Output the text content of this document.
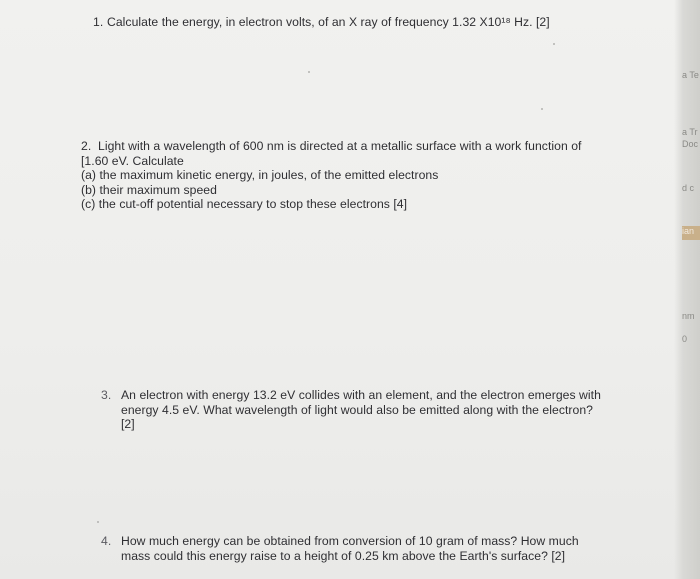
1. Calculate the energy, in electron volts, of an X ray of frequency 1.32 X10¹⁸ Hz. [2]
2. Light with a wavelength of 600 nm is directed at a metallic surface with a work function of
[1.60 eV. Calculate
(a) the maximum kinetic energy, in joules, of the emitted electrons
(b) their maximum speed
(c) the cut-off potential necessary to stop these electrons [4]
3. An electron with energy 13.2 eV collides with an element, and the electron emerges with
energy 4.5 eV. What wavelength of light would also be emitted along with the electron?
[2]
4. How much energy can be obtained from conversion of 10 gram of mass? How much
mass could this energy raise to a height of 0.25 km above the Earth's surface? [2]
a Te
a Tr
Doc
d c
ian
nm
0
